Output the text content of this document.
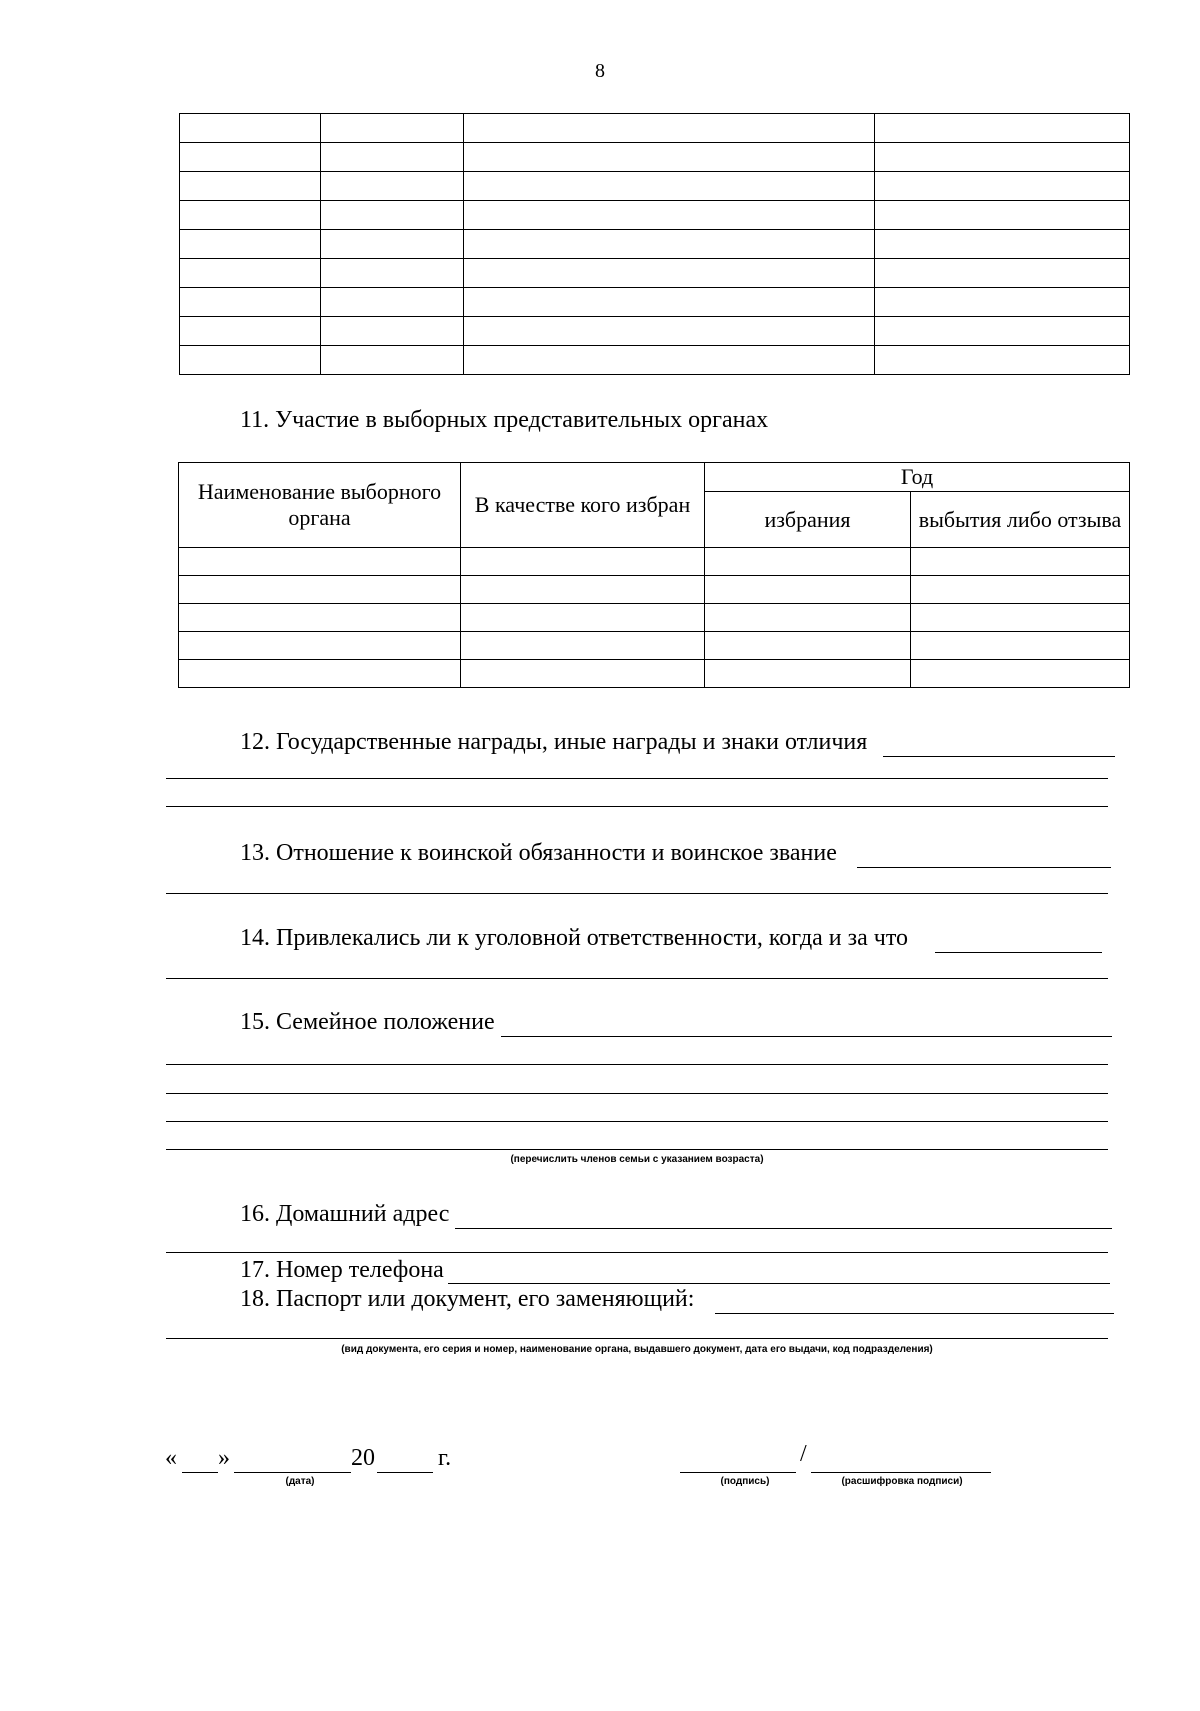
8

11. Участие в выборных представительных органах
Наименование выборного органа	В качестве кого избран	Год	
		избрания	выбытия либо отзыва

12. Государственные награды, иные награды и знаки отличия
13. Отношение к воинской обязанности и воинское звание
14. Привлекались ли к уголовной ответственности, когда и за что
15. Семейное положение
(перечислить членов семьи с указанием возраста)
16. Домашний адрес
17. Номер телефона
18. Паспорт или документ, его заменяющий:
(вид документа, его серия и номер, наименование органа, выдавшего документ, дата его выдачи, код подразделения)
« »	20	г.
(дата)
/
(подпись)	(расшифровка подписи)
